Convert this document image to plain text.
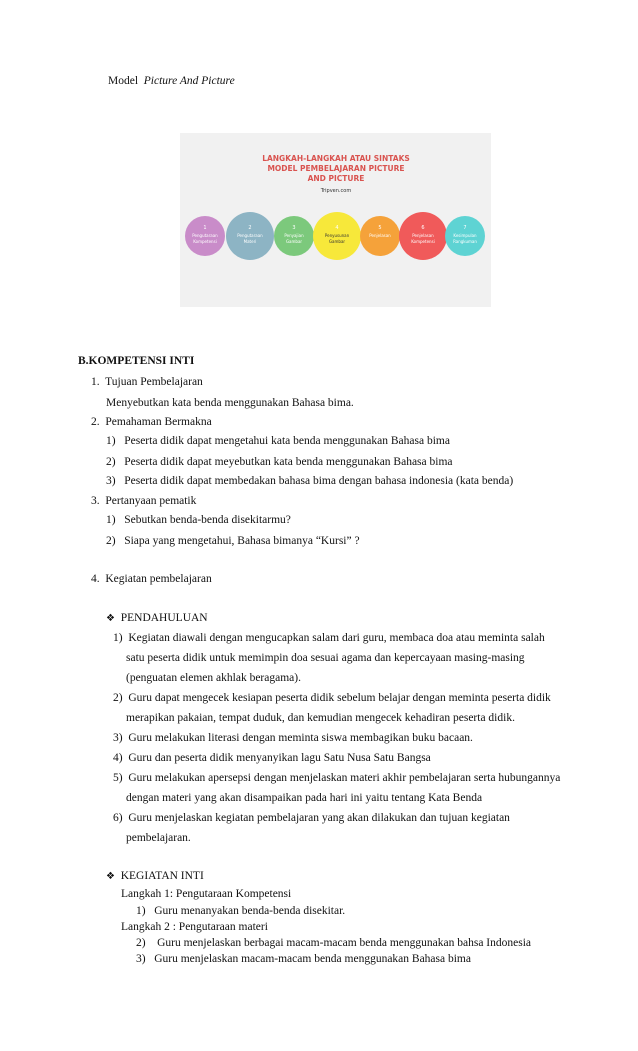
Model Picture And Picture
LANGKAH-LANGKAH ATAU SINTAKS
MODEL PEMBELAJARAN PICTURE
AND PICTURE
Tripven.com
1
Pengutaraan
Kompetensi
2
Pengutaraan
Materi
3
Penyajian
Gambar
4
Penyusunan
Gambar
5
Penjelasan
6
Penjelasan
Kompetensi
7
Kesimpulan
Rangkuman
B.KOMPETENSI INTI
1. Tujuan Pembelajaran
Menyebutkan kata benda menggunakan Bahasa bima.
2. Pemahaman Bermakna
1) Peserta didik dapat mengetahui kata benda menggunakan Bahasa bima
2) Peserta didik dapat meyebutkan kata benda menggunakan Bahasa bima
3) Peserta didik dapat membedakan bahasa bima dengan bahasa indonesia (kata benda)
3. Pertanyaan pematik
1) Sebutkan benda-benda disekitarmu?
2) Siapa yang mengetahui, Bahasa bimanya “Kursi” ?
4. Kegiatan pembelajaran
❖ PENDAHULUAN
1) Kegiatan diawali dengan mengucapkan salam dari guru, membaca doa atau meminta salah
satu peserta didik untuk memimpin doa sesuai agama dan kepercayaan masing-masing
(penguatan elemen akhlak beragama).
2) Guru dapat mengecek kesiapan peserta didik sebelum belajar dengan meminta peserta didik
merapikan pakaian, tempat duduk, dan kemudian mengecek kehadiran peserta didik.
3) Guru melakukan literasi dengan meminta siswa membagikan buku bacaan.
4) Guru dan peserta didik menyanyikan lagu Satu Nusa Satu Bangsa
5) Guru melakukan apersepsi dengan menjelaskan materi akhir pembelajaran serta hubungannya
dengan materi yang akan disampaikan pada hari ini yaitu tentang Kata Benda
6) Guru menjelaskan kegiatan pembelajaran yang akan dilakukan dan tujuan kegiatan
pembelajaran.
❖ KEGIATAN INTI
Langkah 1: Pengutaraan Kompetensi
1) Guru menanyakan benda-benda disekitar.
Langkah 2 : Pengutaraan materi
2) Guru menjelaskan berbagai macam-macam benda menggunakan bahsa Indonesia
3) Guru menjelaskan macam-macam benda menggunakan Bahasa bima
